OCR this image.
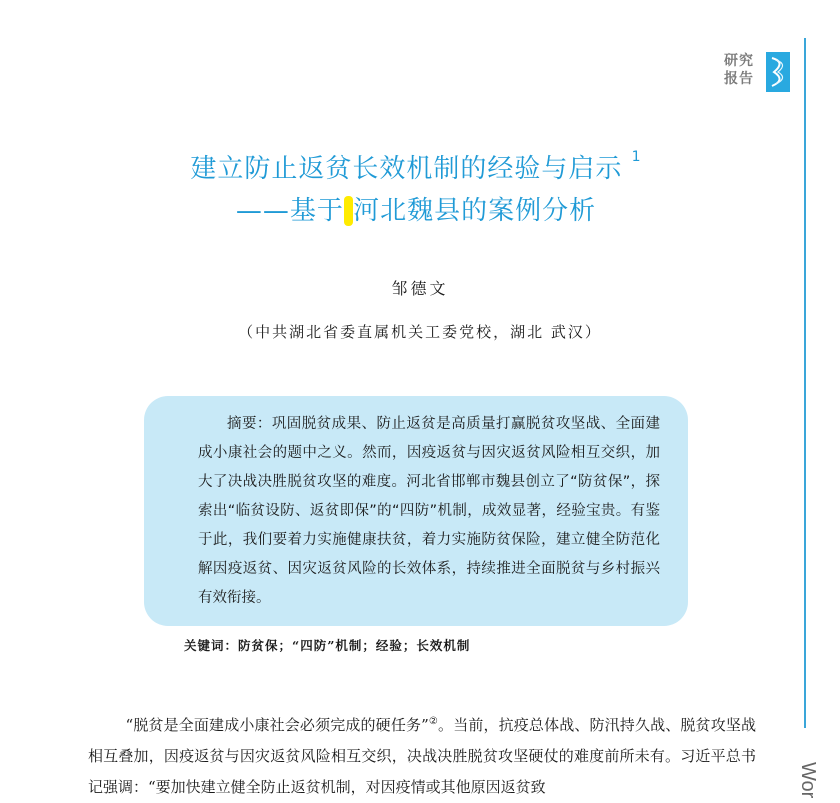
研究
报告
Wor
建立防止返贫长效机制的经验与启示 $^1$
——基于 河北魏县的案例分析
邹德文
（中共湖北省委直属机关工委党校，湖北 武汉）

摘要：巩固脱贫成果、防止返贫是高质量打赢脱贫攻坚战、全面建成小康社会的题中之义。然而，因疫返贫与因灾返贫风险相互交织，加大了决战决胜脱贫攻坚的难度。河北省邯郸市魏县创立了“防贫保”，探索出“临贫设防、返贫即保”的“四防”机制，成效显著，经验宝贵。有鉴于此，我们要着力实施健康扶贫，着力实施防贫保险，建立健全防范化解因疫返贫、因灾返贫风险的长效体系，持续推进全面脱贫与乡村振兴有效衔接。

关键词：防贫保；“四防”机制；经验；长效机制

“脱贫是全面建成小康社会必须完成的硬任务”②。当前，抗疫总体战、防汛持久战、脱贫攻坚战相互叠加，因疫返贫与因灾返贫风险相互交织，决战决胜脱贫攻坚硬仗的难度前所未有。习近平总书记强调：“要加快建立健全防止返贫机制，对因疫情或其他原因返贫致
